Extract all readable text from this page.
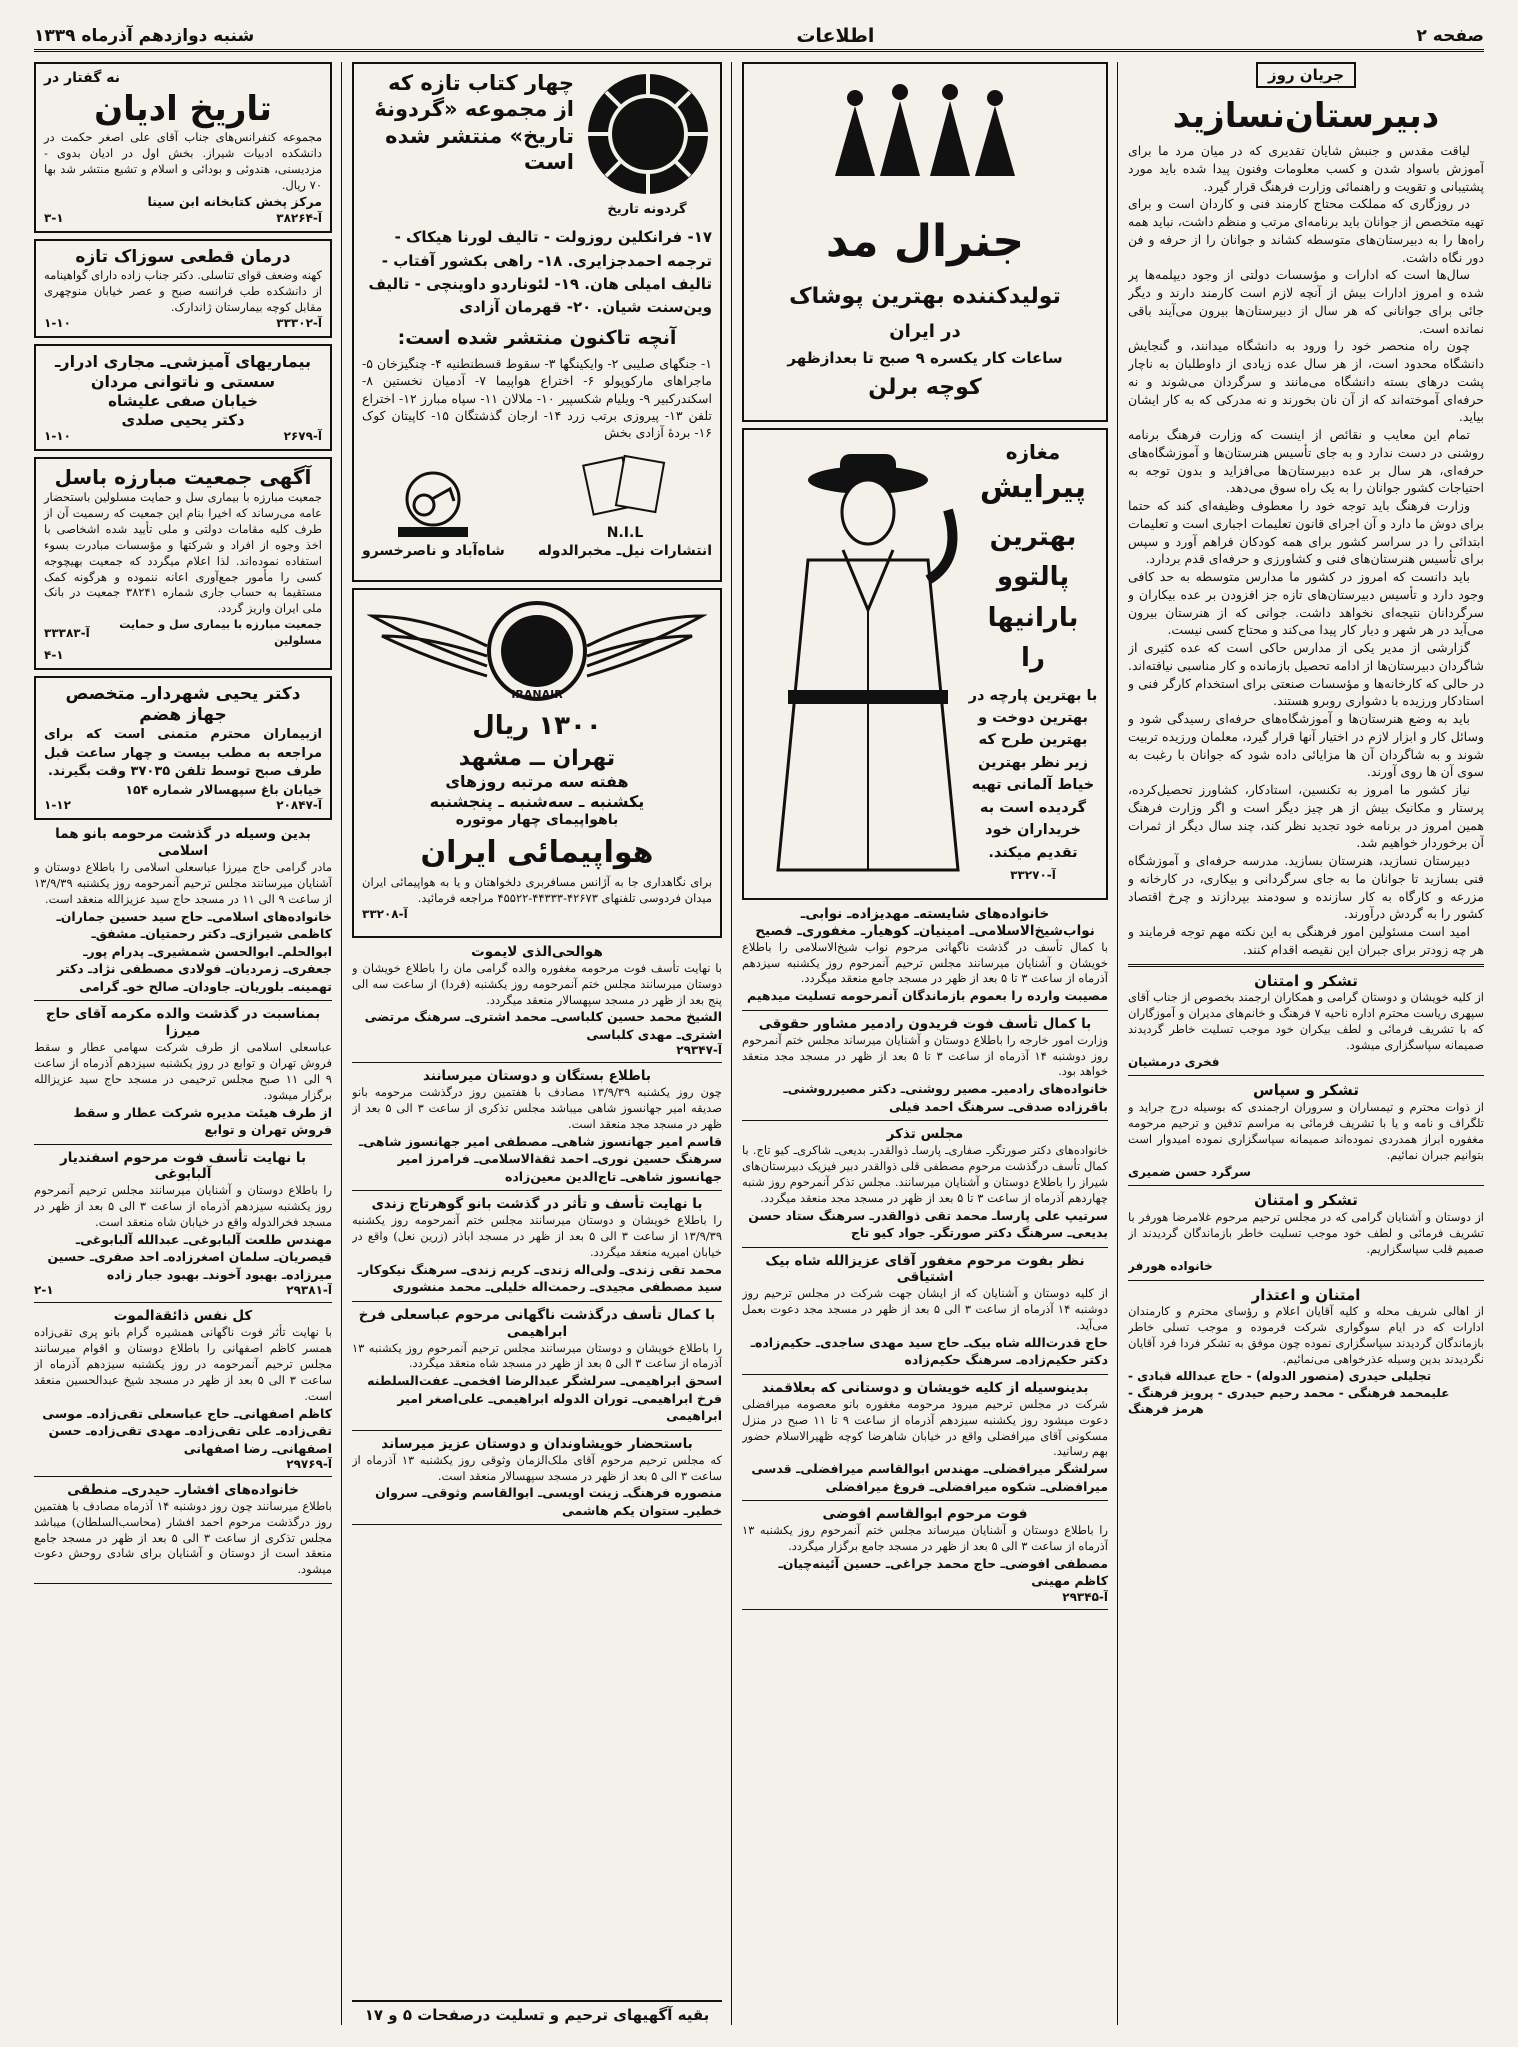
صفحه ۲
اطلاعات
شنبه دوازدهم آذرماه ۱۳۳۹
جریان روز
دبیرستان‌نسازید

لیاقت مقدس و جنبش شایان تقدیری که در میان مرد ما برای آموزش باسواد شدن و کسب معلومات وفنون پیدا شده باید مورد پشتیبانی و تقویت و راهنمائی وزارت فرهنگ قرار گیرد.

در روزگاری که مملکت محتاج کارمند فنی و کاردان است و برای تهیه متخصص از جوانان باید برنامه‌ای مرتب و منظم داشت، نباید همه راه‌ها را به دبیرستان‌های متوسطه کشاند و جوانان را از حرفه و فن دور نگاه داشت.

سال‌ها است که ادارات و مؤسسات دولتی از وجود دیپلمه‌ها پر شده و امروز ادارات بیش از آنچه لازم است کارمند دارند و دیگر جائی برای جوانانی که هر سال از دبیرستان‌ها بیرون می‌آیند باقی نمانده است.

چون راه منحصر خود را ورود به دانشگاه میدانند، و گنجایش دانشگاه محدود است، از هر سال عده زیادی از داوطلبان به ناچار پشت درهای بسته دانشگاه می‌مانند و سرگردان می‌شوند و نه حرفه‌ای آموخته‌اند که از آن نان بخورند و نه مدرکی که به کار ایشان بیاید.

تمام این معایب و نقائص از اینست که وزارت فرهنگ برنامه روشنی در دست ندارد و به جای تأسیس هنرستان‌ها و آموزشگاه‌های حرفه‌ای، هر سال بر عده دبیرستان‌ها می‌افزاید و بدون توجه به احتیاجات کشور جوانان را به یک راه سوق می‌دهد.

وزارت فرهنگ باید توجه خود را معطوف وظیفه‌ای کند که حتما برای دوش ما دارد و آن اجرای قانون تعلیمات اجباری است و تعلیمات ابتدائی را در سراسر کشور برای همه کودکان فراهم آورد و سپس برای تأسیس هنرستان‌های فنی و کشاورزی و حرفه‌ای قدم بردارد.

باید دانست که امروز در کشور ما مدارس متوسطه به حد کافی وجود دارد و تأسیس دبیرستان‌های تازه جز افزودن بر عده بیکاران و سرگردانان نتیجه‌ای نخواهد داشت. جوانی که از هنرستان بیرون می‌آید در هر شهر و دیار کار پیدا می‌کند و محتاج کسی نیست.

گزارشی از مدیر یکی از مدارس حاکی است که عده کثیری از شاگردان دبیرستان‌ها از ادامه تحصیل بازمانده و کار مناسبی نیافته‌اند. در حالی که کارخانه‌ها و مؤسسات صنعتی برای استخدام کارگر فنی و استادکار ورزیده با دشواری روبرو هستند.

باید به وضع هنرستان‌ها و آموزشگاه‌های حرفه‌ای رسیدگی شود و وسائل کار و ابزار لازم در اختیار آنها قرار گیرد، معلمان ورزیده تربیت شوند و به شاگردان آن ها مزایائی داده شود که جوانان با رغبت به سوی آن ها روی آورند.

نیاز کشور ما امروز به تکنسین، استادکار، کشاورز تحصیل‌کرده، پرستار و مکانیک بیش از هر چیز دیگر است و اگر وزارت فرهنگ همین امروز در برنامه خود تجدید نظر کند، چند سال دیگر از ثمرات آن برخوردار خواهیم شد.

دبیرستان نسازید، هنرستان بسازید. مدرسه حرفه‌ای و آموزشگاه فنی بسازید تا جوانان ما به جای سرگردانی و بیکاری، در کارخانه و مزرعه و کارگاه به کار سازنده و سودمند بپردازند و چرخ اقتصاد کشور را به گردش درآورند.

امید است مسئولین امور فرهنگی به این نکته مهم توجه فرمایند و هر چه زودتر برای جبران این نقیصه اقدام کنند.

تشکر و امتنان
از کلیه خویشان و دوستان گرامی و همکاران ارجمند بخصوص از جناب آقای سپهری ریاست محترم اداره ناحیه ۷ فرهنگ و خانم‌های مدیران و آموزگاران که با تشریف فرمائی و لطف بیکران خود موجب تسلیت خاطر گردیدند صمیمانه سپاسگزاری میشود.
فخری درمشیان
تشکر و سپاس
از ذوات محترم و تیمساران و سروران ارجمندی که بوسیله درج جراید و تلگراف و نامه و یا با تشریف فرمائی به مراسم تدفین و ترحیم مرحومه مغفوره ابراز همدردی نموده‌اند صمیمانه سپاسگزاری نموده امیدوار است بتوانیم جبران نمائیم.
سرگرد حسن ضمیری
تشکر و امتنان
از دوستان و آشنایان گرامی که در مجلس ترحیم مرحوم غلامرضا هورفر با تشریف فرمائی و لطف خود موجب تسلیت خاطر بازماندگان گردیدند از صمیم قلب سپاسگزاریم.
خانواده هورفر
امتنان و اعتذار
از اهالی شریف محله و کلیه آقایان اعلام و رؤسای محترم و کارمندان ادارات که در ایام سوگواری شرکت فرموده و موجب تسلی خاطر بازماندگان گردیدند سپاسگزاری نموده چون موفق به تشکر فردا فرد آقایان نگردیدند بدین وسیله عذرخواهی می‌نمائیم.
تجلیلی حیدری (منصور الدوله) - حاج عبدالله قبادی - علیمحمد فرهنگی - محمد رحیم حیدری - پرویز فرهنگ - هرمز فرهنگ
جنرال مد
تولیدکننده بهترین پوشاک
در ایران
ساعات کار یکسره ۹ صبح تا بعدازظهر
کوچه برلن
مغازه
پیرایش
بهترین
پالتوو
بارانیها
را
با بهترین پارچه در بهترین دوخت و بهترین طرح که زیر نظر بهترین خیاط آلمانی تهیه گردیده است به خریداران خود تقدیم میکند.
آ-۳۳۲۷۰
خانواده‌های شایسته‌ـ مهدیزاده‌ـ نوابی‌ـ نواب‌شیخ‌الاسلامی‌ـ امینیان‌ـ کوهیار‌ـ مغفوری‌ـ فصیح
با کمال تأسف در گذشت ناگهانی مرحوم نواب شیخ‌الاسلامی را باطلاع خویشان و آشنایان میرسانند مجلس ترحیم آنمرحوم روز یکشنبه سیزدهم آذرماه از ساعت ۳ تا ۵ بعد از ظهر در مسجد جامع منعقد میگردد.
مصیبت وارده را بعموم بازماندگان آنمرحومه تسلیت میدهیم
با کمال تأسف فوت فریدون رادمیر مشاور حقوقی
وزارت امور خارجه را باطلاع دوستان و آشنایان میرساند مجلس ختم آنمرحوم روز دوشنبه ۱۴ آذرماه از ساعت ۳ تا ۵ بعد از ظهر در مسجد مجد منعقد خواهد بود.
خانواده‌های رادمیر‌ـ مصیر روشنی‌ـ دکتر مصیرروشنی‌ـ باقرزاده صدقی‌ـ سرهنگ احمد فیلی
مجلس تذکر
خانواده‌های دکتر صورتگر‌ـ صفاری‌ـ پارسا‌ـ ذوالقدر‌ـ بدیعی‌ـ شاکری‌ـ کیو تاج. با کمال تأسف درگذشت مرحوم مصطفی قلی ذوالقدر دبیر فیزیک دبیرستان‌های شیراز را باطلاع دوستان و آشنایان میرسانند. مجلس تذکر آنمرحوم روز شنبه چهاردهم آذرماه از ساعت ۳ تا ۵ بعد از ظهر در مسجد مجد منعقد میگردد.
سرتیپ علی پارسا‌ـ محمد تقی ذوالقدر‌ـ سرهنگ ستاد حسن بدیعی‌ـ سرهنگ دکتر صورتگر‌ـ جواد کیو تاج
نظر بفوت مرحوم مغفور آقای عزیزالله شاه بیک اشتیاقی
از کلیه دوستان و آشنایان که از ایشان جهت شرکت در مجلس ترحیم روز دوشنبه ۱۴ آذرماه از ساعت ۳ الی ۵ بعد از ظهر در مسجد مجد دعوت بعمل می‌آید.
حاج قدرت‌الله شاه بیک‌ـ حاج سید مهدی ساجدی‌ـ حکیم‌زاده‌ـ دکتر حکیم‌زاده‌ـ سرهنگ حکیم‌زاده
بدینوسیله از کلیه خویشان و دوستانی که بعلاقمند
شرکت در مجلس ترحیم میرود مرحومه مغفوره بانو معصومه میرافضلی دعوت میشود روز یکشنبه سیزدهم آذرماه از ساعت ۹ تا ۱۱ صبح در منزل مسکونی آقای میرافضلی واقع در خیابان شاهرضا کوچه ظهیرالاسلام حضور بهم رسانید.
سرلشگر میرافضلی‌ـ مهندس ابوالقاسم میرافضلی‌ـ قدسی میرافضلی‌ـ شکوه میرافضلی‌ـ فروغ میرافضلی
فوت مرحوم ابوالقاسم افوضی
را باطلاع دوستان و آشنایان میرساند مجلس ختم آنمرحوم روز یکشنبه ۱۳ آذرماه از ساعت ۳ الی ۵ بعد از ظهر در مسجد جامع برگزار میگردد.
مصطفی افوضی‌ـ حاج محمد جراغی‌ـ حسین آئینه‌چیان‌ـ کاظم مهینی
آ-۲۹۳۴۵
گردونه تاریخ
چهار کتاب تازه که از مجموعه «گردونهٔ تاریخ» منتشر شده است
۱۷- فرانکلین روزولت - تالیف لورنا هیکاک - ترجمه احمدجزایری. ۱۸- راهی بکشور آفتاب - تالیف امیلی هان. ۱۹- لئوناردو داوینچی - تالیف وین‌سنت شیان. ۲۰- قهرمان آزادی
آنچه تاکنون منتشر شده است:
۱- جنگهای صلیبی ۲- وایکینگها ۳- سقوط قسطنطنیه ۴- چنگیزخان ۵- ماجراهای مارکوپولو ۶- اختراع هواپیما ۷- آدمیان نخستین ۸- اسکندرکبیر ۹- ویلیام شکسپیر ۱۰- ملالان ۱۱- سپاه مبارز ۱۲- اختراع تلفن ۱۳- پیروزی برتب زرد ۱۴- ارجان گذشتگان ۱۵- کاپیتان کوک ۱۶- بردهٔ آزادی بخش
N.I.L
انتشارات نیل‌ـ مخبرالدوله
شاه‌آباد و ناصرخسرو
IRANAIR
۱۳۰۰ ریال
تهران ــ مشهد
هفته سه مرتبه روزهای
یکشنبه ـ سه‌شنبه ـ پنجشنبه
باهواپیمای چهار موتوره
هواپیمائی ایران
برای نگاهداری جا به آژانس مسافربری دلخواهتان و یا به هواپیمائی ایران میدان فردوسی تلفنهای ۴۲۶۷۳-۴۴۳۳۳-۴۵۵۲۲ مراجعه فرمائید.
آ-۳۳۲۰۸
هوالحی‌الذی لایموت
با نهایت تأسف فوت مرحومه مغفوره والده گرامی مان را باطلاع خویشان و دوستان میرسانند مجلس ختم آنمرحومه روز یکشنبه (فردا) از ساعت سه الی پنج بعد از ظهر در مسجد سپهسالار منعقد میگردد.
الشیخ محمد حسین کلباسی‌ـ محمد اشتری‌ـ سرهنگ مرتضی اشتری‌ـ مهدی کلباسی
آ-۲۹۳۴۷
باطلاع بستگان و دوستان میرسانند
چون روز یکشنبه ۱۳/۹/۳۹ مصادف با هفتمین روز درگذشت مرحومه بانو صدیقه امیر جهانسوز شاهی میباشد مجلس تذکری از ساعت ۳ الی ۵ بعد از ظهر در مسجد مجد منعقد است.
قاسم امیر جهانسوز شاهی‌ـ مصطفی امیر جهانسوز شاهی‌ـ سرهنگ حسین نوری‌ـ احمد ثقةالاسلامی‌ـ فرامرز امیر جهانسوز شاهی‌ـ تاج‌الدین معین‌زاده
با نهایت تأسف و تأثر در گذشت بانو گوهرتاج زندی
را باطلاع خویشان و دوستان میرسانند مجلس ختم آنمرحومه روز یکشنبه ۱۳/۹/۳۹ از ساعت ۳ الی ۵ بعد از ظهر در مسجد اباذر (زرین نعل) واقع در خیابان امیریه منعقد میگردد.
محمد تقی زندی‌ـ ولی‌اله زندی‌ـ کریم زندی‌ـ سرهنگ نیکوکار‌ـ سید مصطفی مجیدی‌ـ رحمت‌اله خلیلی‌ـ محمد منشوری
با کمال تأسف درگذشت ناگهانی مرحوم عباسعلی فرخ ابراهیمی
را باطلاع خویشان و دوستان میرسانند مجلس ترحیم آنمرحوم روز یکشنبه ۱۳ آذرماه از ساعت ۳ الی ۵ بعد از ظهر در مسجد شاه منعقد میگردد.
اسحق ابراهیمی‌ـ سرلشگر عبدالرضا افخمی‌ـ عفت‌السلطنه فرخ ابراهیمی‌ـ توران الدوله ابراهیمی‌ـ علی‌اصغر امیر ابراهیمی
باستحضار خویشاوندان و دوستان عزیز میرساند
که مجلس ترحیم مرحوم آقای ملک‌الزمان وثوقی روز یکشنبه ۱۳ آذرماه از ساعت ۳ الی ۵ بعد از ظهر در مسجد سپهسالار منعقد است.
منصوره فرهنگ‌ـ زینت اویسی‌ـ ابوالقاسم وثوقی‌ـ سروان خطیر‌ـ ستوان یکم هاشمی
بقیه آگهیهای ترحیم و تسلیت درصفحات ۵ و ۱۷
نه گفتار در
تاریخ ادیان
مجموعه کنفرانس‌های جناب آقای علی اصغر حکمت در دانشکده ادبیات شیراز. بخش اول در ادیان بدوی - مزدیسنی، هندوئی و بودائی و اسلام و تشیع منتشر شد بها ۷۰ ریال.
مرکز پخش کتابخانه ابن سینا
آ-۳۸۲۶۴
۳-۱
درمان قطعی سوزاک تازه
کهنه وضعف قوای تناسلی. دکتر جناب زاده دارای گواهینامه از دانشکده طب فرانسه صبح و عصر خیابان منوچهری مقابل کوچه بیمارستان ژاندارک.
آ-۳۳۳۰۲
۱-۱۰
بیماریهای آمیزشی‌ـ مجاری ادرار‌ـ سستی و ناتوانی مردان
خیابان صفی علیشاه
دکتر یحیی صلدی
آ-۲۶۷۹
۱-۱۰
آگهی جمعیت مبارزه باسل
جمعیت مبارزه با بیماری سل و حمایت مسلولین باستحضار عامه می‌رساند که اخیرا بنام این جمعیت که رسمیت آن از طرف کلیه مقامات دولتی و ملی تأیید شده اشخاصی با اخذ وجوه از افراد و شرکتها و مؤسسات مبادرت بسوء استفاده نموده‌اند. لذا اعلام میگردد که جمعیت بهیچوجه کسی را مأمور جمع‌آوری اعانه ننموده و هرگونه کمک مستقیما به حساب جاری شماره ۳۸۲۴۱ جمعیت در بانک ملی ایران واریز گردد.
جمعیت مبارزه با بیماری سل و حمایت مسلولین
آ-۳۳۳۸۳
۴-۱
دکتر یحیی شهردار‌ـ متخصص جهاز هضم
ازبیماران محترم متمنی است که برای مراجعه به مطب بیست و چهار ساعت قبل طرف صبح توسط تلفن ۳۷۰۳۵ وقت بگیرند.
خیابان باغ سپهسالار شماره ۱۵۴
آ-۲۰۸۴۷
۱-۱۲
بدین وسیله در گذشت مرحومه بانو هما اسلامی
مادر گرامی حاج میرزا عباسعلی اسلامی را باطلاع دوستان و آشنایان میرسانند مجلس ترحیم آنمرحومه روز یکشنبه ۱۳/۹/۳۹ از ساعت ۹ الی ۱۱ در مسجد حاج سید عزیزالله منعقد است.
خانواده‌های اسلامی‌ـ حاج سید حسین جماران‌ـ کاظمی شیرازی‌ـ دکتر رحمتیان‌ـ مشفق‌ـ ابوالحلم‌ـ ابوالحسن شمشیری‌ـ پدرام پور‌ـ جعفری‌ـ زمردیان‌ـ فولادی مصطفی نژاد‌ـ دکتر تهمینه‌ـ بلوریان‌ـ جاودان‌ـ صالح خو‌ـ گرامی
بمناسبت در گذشت والده مکرمه آقای حاج میرزا
عباسعلی اسلامی از طرف شرکت سهامی عطار و سقط فروش تهران و توابع در روز یکشنبه سیزدهم آذرماه از ساعت ۹ الی ۱۱ صبح مجلس ترحیمی در مسجد حاج سید عزیزالله برگزار میشود.
از طرف هیئت مدیره شرکت عطار و سقط فروش تهران و توابع
با نهایت تأسف فوت مرحوم اسفندیار آلبابوغی
را باطلاع دوستان و آشنایان میرسانند مجلس ترحیم آنمرحوم روز یکشنبه سیزدهم آذرماه از ساعت ۳ الی ۵ بعد از ظهر در مسجد فخرالدوله واقع در خیابان شاه منعقد است.
مهندس طلعت آلبابوغی‌ـ عبدالله آلبابوغی‌ـ قیصریان‌ـ سلمان اصغرزاده‌ـ احد صفری‌ـ حسین میرزاده‌ـ بهبود آخوند‌ـ بهبود جبار زاده
آ-۲۹۳۸۱
۲-۱
کل نفس ذائقةالموت
با نهایت تأثر فوت ناگهانی همشیره گرام بانو پری تقی‌زاده همسر کاظم اصفهانی را باطلاع دوستان و اقوام میرسانند مجلس ترحیم آنمرحومه در روز یکشنبه سیزدهم آذرماه از ساعت ۳ الی ۵ بعد از ظهر در مسجد شیخ عبدالحسین منعقد است.
کاظم اصفهانی‌ـ حاج عباسعلی تقی‌زاده‌ـ موسی تقی‌زاده‌ـ علی تقی‌زاده‌ـ مهدی تقی‌زاده‌ـ حسن اصفهانی‌ـ رضا اصفهانی
آ-۲۹۷۶۹
خانواده‌های افشار‌ـ حیدری‌ـ منطقی
باطلاع میرسانند چون روز دوشنبه ۱۴ آذرماه مصادف با هفتمین روز درگذشت مرحوم احمد افشار (محاسب‌السلطان) میباشد مجلس تذکری از ساعت ۳ الی ۵ بعد از ظهر در مسجد جامع منعقد است از دوستان و آشنایان برای شادی روحش دعوت میشود.
